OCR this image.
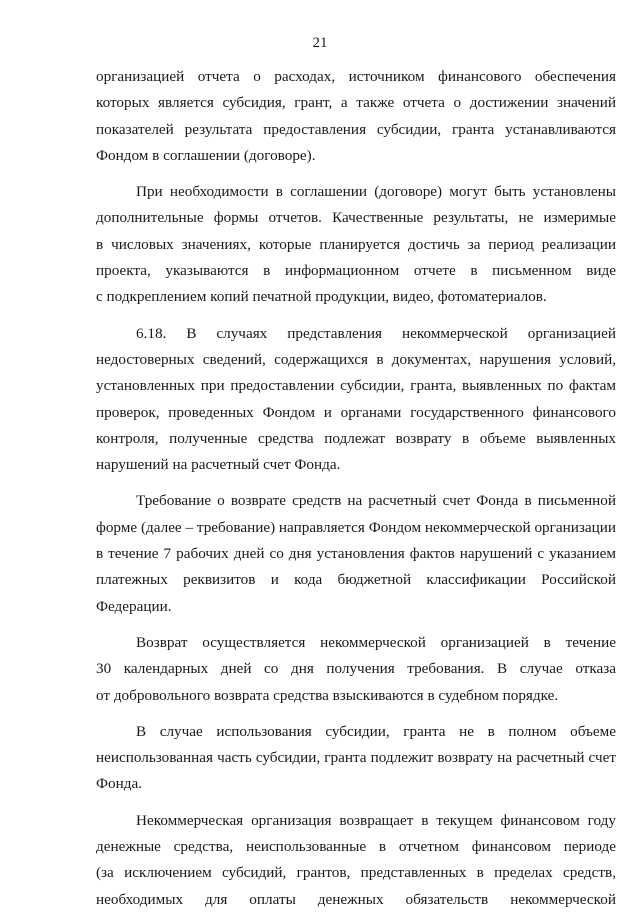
21
организацией отчета о расходах, источником финансового обеспечения
которых является субсидия, грант, а также отчета о достижении значений
показателей результата предоставления субсидии, гранта устанавливаются
Фондом в соглашении (договоре).
При необходимости в соглашении (договоре) могут быть установлены
дополнительные формы отчетов. Качественные результаты, не измеримые
в числовых значениях, которые планируется достичь за период реализации
проекта, указываются в информационном отчете в письменном виде
с подкреплением копий печатной продукции, видео, фотоматериалов.
6.18. В случаях представления некоммерческой организацией
недостоверных сведений, содержащихся в документах, нарушения условий,
установленных при предоставлении субсидии, гранта, выявленных по фактам
проверок, проведенных Фондом и органами государственного финансового
контроля, полученные средства подлежат возврату в объеме выявленных
нарушений на расчетный счет Фонда.
Требование о возврате средств на расчетный счет Фонда в письменной
форме (далее – требование) направляется Фондом некоммерческой организации
в течение 7 рабочих дней со дня установления фактов нарушений с указанием
платежных реквизитов и кода бюджетной классификации Российской
Федерации.
Возврат осуществляется некоммерческой организацией в течение
30 календарных дней со дня получения требования. В случае отказа
от добровольного возврата средства взыскиваются в судебном порядке.
В случае использования субсидии, гранта не в полном объеме
неиспользованная часть субсидии, гранта подлежит возврату на расчетный счет
Фонда.
Некоммерческая организация возвращает в текущем финансовом году
денежные средства, неиспользованные в отчетном финансовом периоде
(за исключением субсидий, грантов, представленных в пределах средств,
необходимых для оплаты денежных обязательств некоммерческой
